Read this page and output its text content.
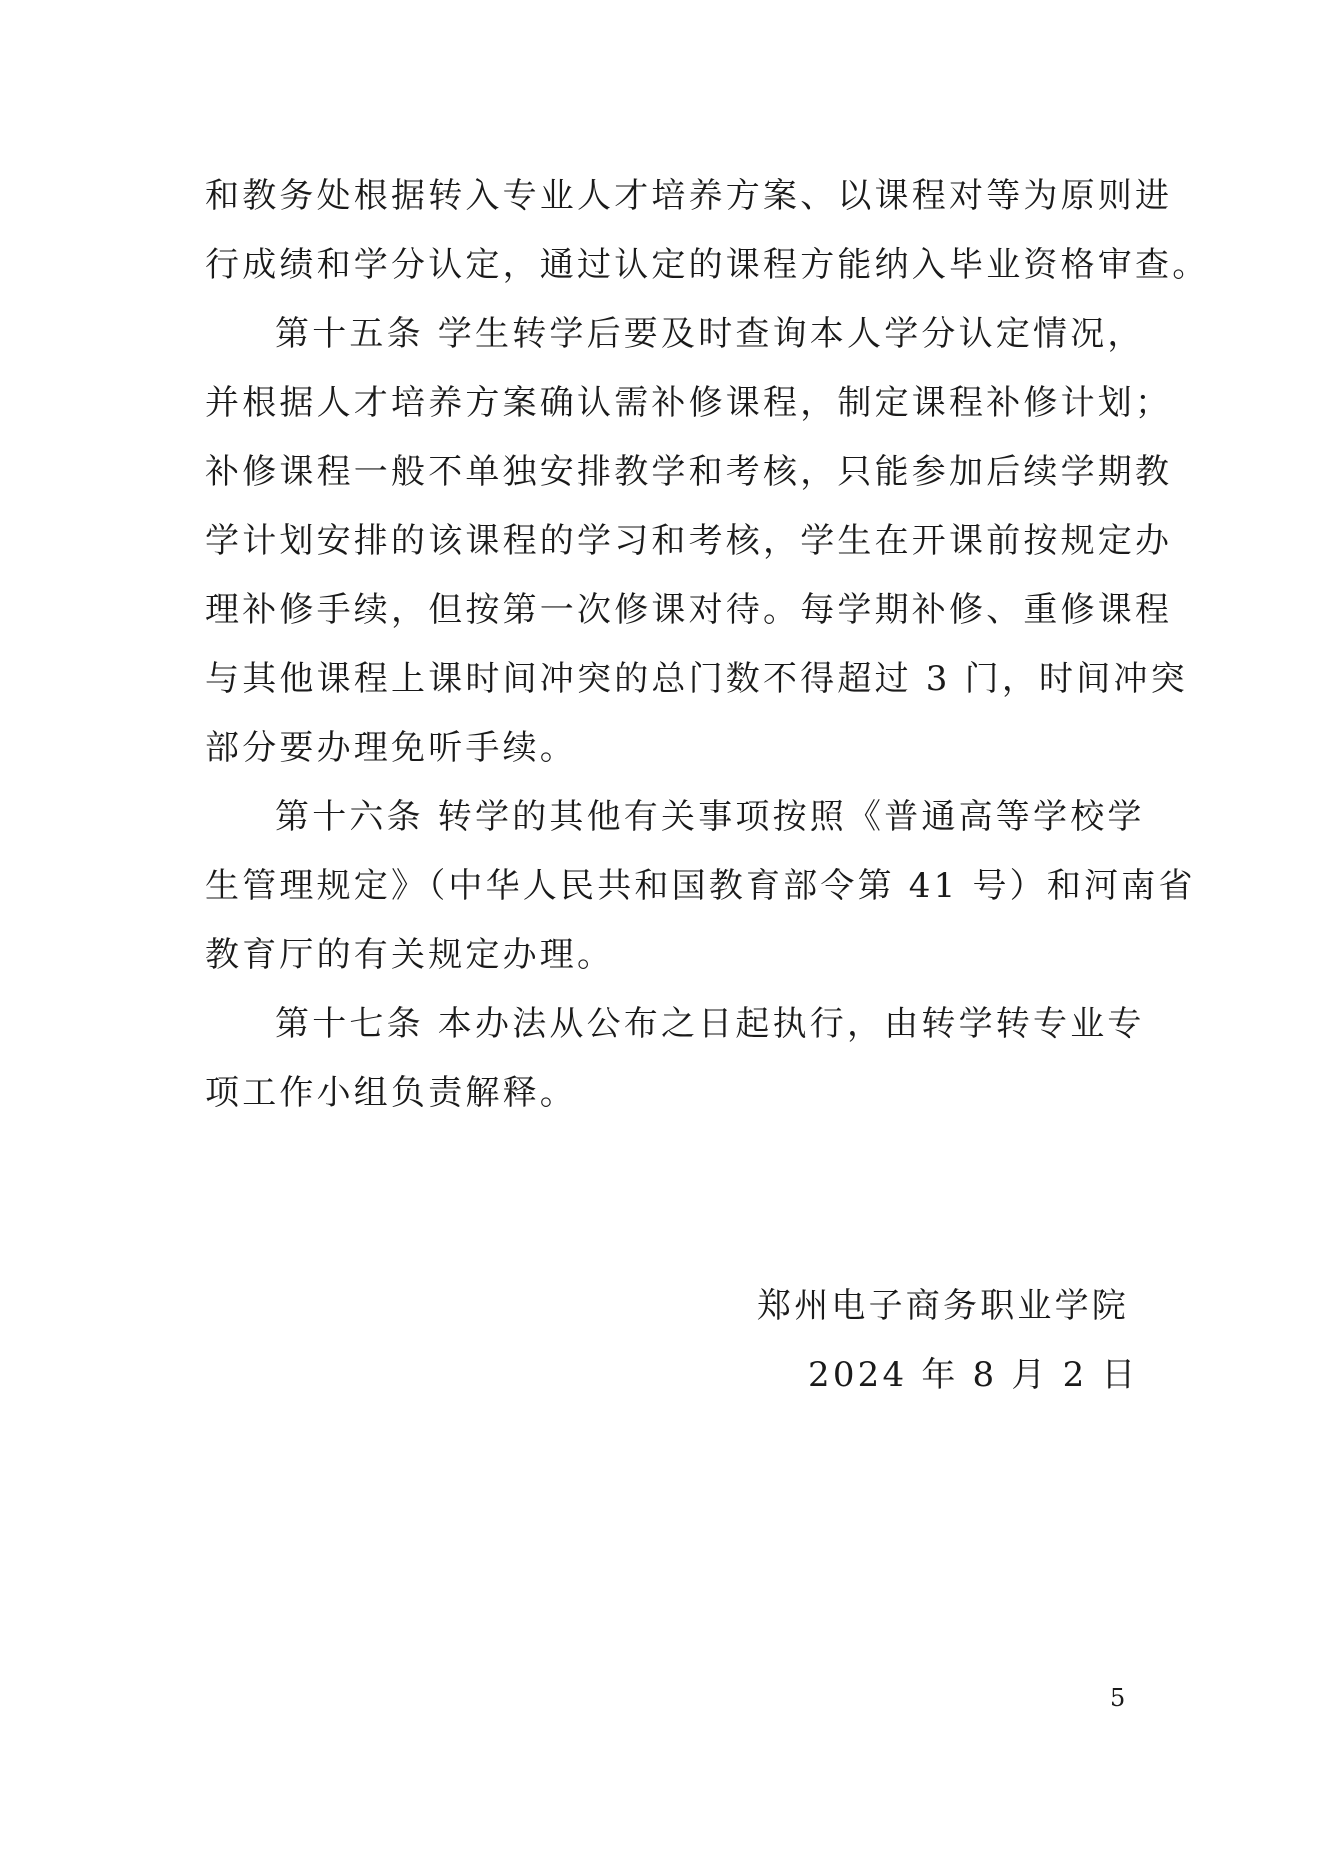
和教务处根据转入专业人才培养方案、以课程对等为原则进
行成绩和学分认定，通过认定的课程方能纳入毕业资格审查。
第十五条 学生转学后要及时查询本人学分认定情况，
并根据人才培养方案确认需补修课程，制定课程补修计划；
补修课程一般不单独安排教学和考核，只能参加后续学期教
学计划安排的该课程的学习和考核，学生在开课前按规定办
理补修手续，但按第一次修课对待。每学期补修、重修课程
与其他课程上课时间冲突的总门数不得超过 3 门，时间冲突
部分要办理免听手续。
第十六条 转学的其他有关事项按照《普通高等学校学
生管理规定》（中华人民共和国教育部令第 41 号）和河南省
教育厅的有关规定办理。
第十七条 本办法从公布之日起执行，由转学转专业专
项工作小组负责解释。
郑州电子商务职业学院
2024 年 8 月 2 日
5
